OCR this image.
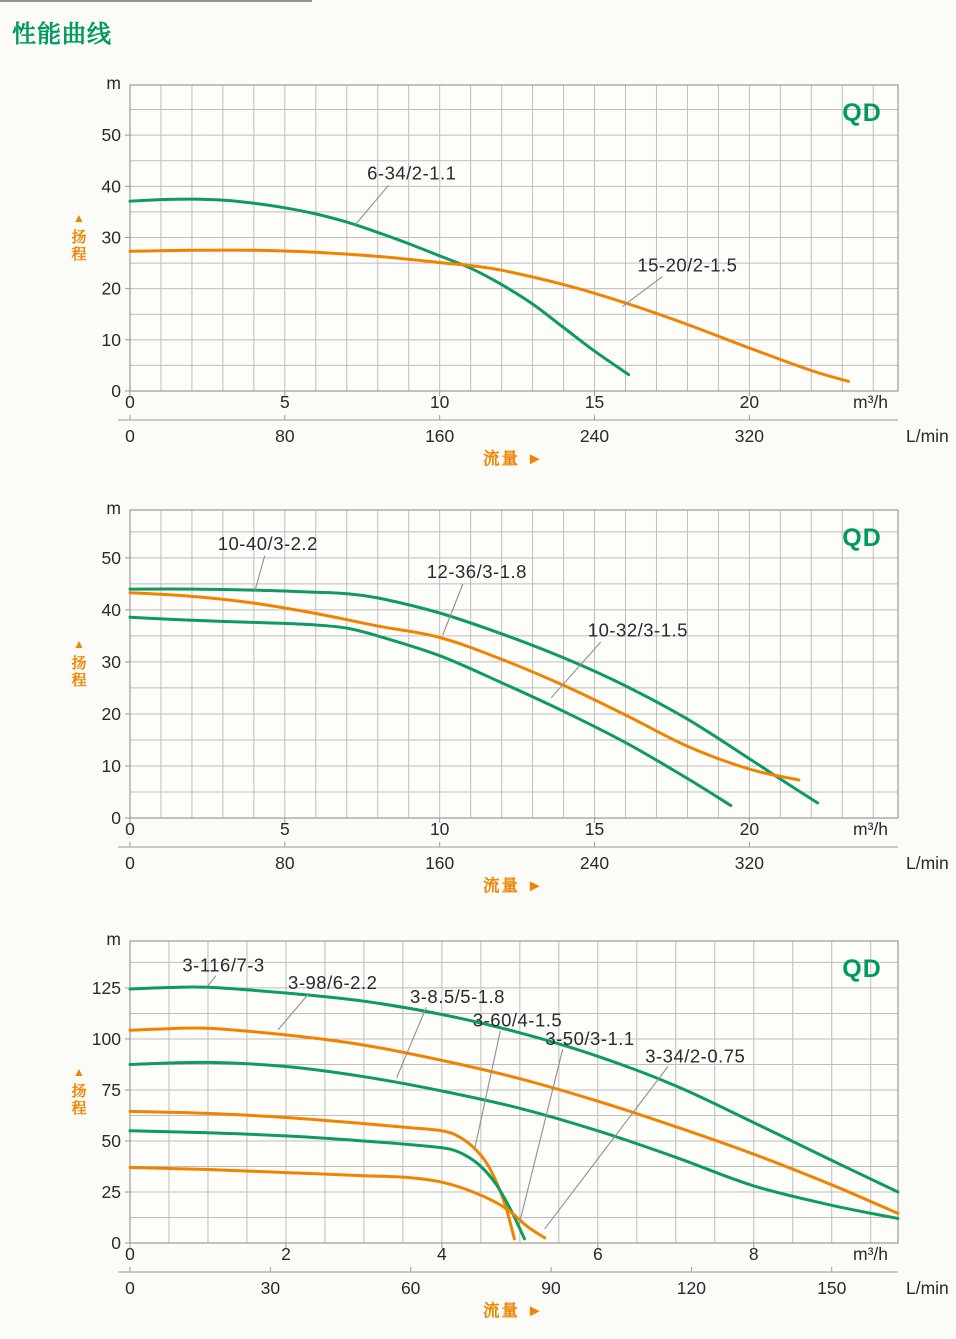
性能曲线
6-34/2-1.1
15-20/2-1.5
0
10
20
30
40
50
m
0	5	10	15	20	m³/h
0	80	160	240	320	L/min
流量 ►
▲
扬
程
QD
10-40/3-2.2
12-36/3-1.8
10-32/3-1.5
0
10
20
30
40
50
m
0	5	10	15	20	m³/h
0	80	160	240	320	L/min
流量 ►
▲
扬
程
QD
3-116/7-3
3-98/6-2.2
3-8.5/5-1.8
3-60/4-1.5
3-50/3-1.1
3-34/2-0.75
0
25
50
75
100
125
m
0	2	4	6	8	m³/h
0	30	60	90	120	150	L/min
流量 ►
▲
扬
程
QD
